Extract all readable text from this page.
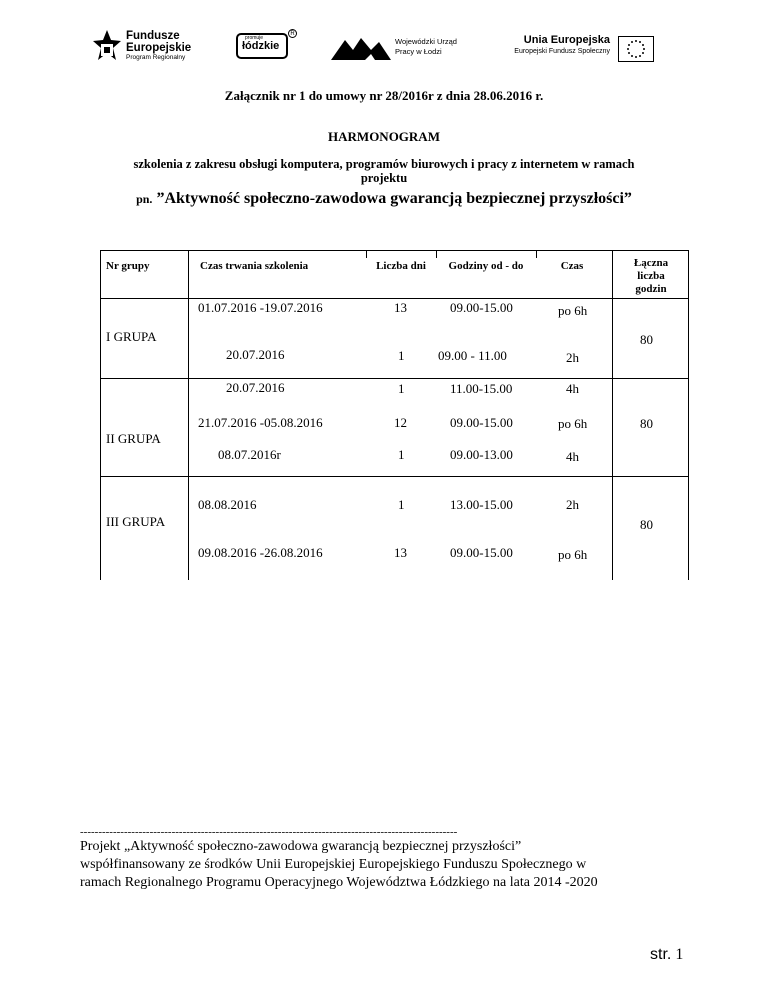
Fundusze
Europejskie
Program Regionalny
promuje
łódzkie
R
Wojewódzki Urząd
Pracy w Łodzi
Unia Europejska
Europejski Fundusz Społeczny
Załącznik nr 1 do umowy nr 28/2016r z dnia 28.06.2016 r.
HARMONOGRAM
szkolenia z zakresu obsługi komputera, programów biurowych i pracy z internetem w ramach projektu
pn. ”Aktywność społeczno-zawodowa gwarancją bezpiecznej przyszłości”
Nr grupy	Czas trwania szkolenia	Liczba dni	Godziny od - do	Czas	Łączna liczba godzin
I GRUPA	80
01.07.2016 -19.07.2016	13	09.00-15.00	po 6h
20.07.2016	1	09.00 - 11.00	2h
II GRUPA
80
20.07.2016	1	11.00-15.00	4h
21.07.2016 -05.08.2016	12	09.00-15.00	po 6h
08.07.2016r	1	09.00-13.00	4h
III GRUPA	80
08.08.2016	1	13.00-15.00	2h
09.08.2016 -26.08.2016	13	09.00-15.00	po 6h
-------------------------------------------------------------------------------------------------------
Projekt „Aktywność społeczno-zawodowa gwarancją bezpiecznej przyszłości”
współfinansowany ze środków Unii Europejskiej Europejskiego Funduszu Społecznego w
ramach Regionalnego Programu Operacyjnego Województwa Łódzkiego na lata 2014 -2020
str. 1
